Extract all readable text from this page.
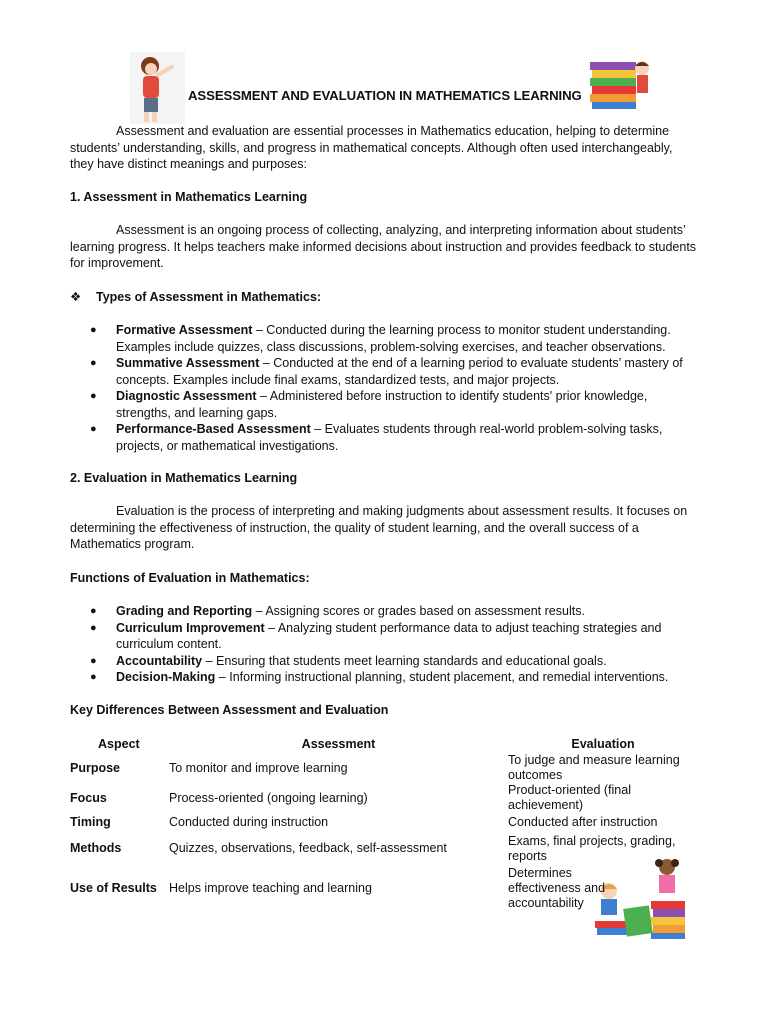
ASSESSMENT AND EVALUATION IN MATHEMATICS LEARNING

Assessment and evaluation are essential processes in Mathematics education, helping to determine students’ understanding, skills, and progress in mathematical concepts. Although often used interchangeably, they have distinct meanings and purposes:

1. Assessment in Mathematics Learning

Assessment is an ongoing process of collecting, analyzing, and interpreting information about students’ learning progress. It helps teachers make informed decisions about instruction and provides feedback to students for improvement.

❖	Types of Assessment in Mathematics:
● Formative Assessment – Conducted during the learning process to monitor student understanding. Examples include quizzes, class discussions, problem-solving exercises, and teacher observations.
● Summative Assessment – Conducted at the end of a learning period to evaluate students’ mastery of concepts. Examples include final exams, standardized tests, and major projects.
● Diagnostic Assessment – Administered before instruction to identify students' prior knowledge, strengths, and learning gaps.
● Performance-Based Assessment – Evaluates students through real-world problem-solving tasks, projects, or mathematical investigations.
2. Evaluation in Mathematics Learning

Evaluation is the process of interpreting and making judgments about assessment results. It focuses on determining the effectiveness of instruction, the quality of student learning, and the overall success of a Mathematics program.

Functions of Evaluation in Mathematics:
● Grading and Reporting – Assigning scores or grades based on assessment results.
● Curriculum Improvement – Analyzing student performance data to adjust teaching strategies and curriculum content.
● Accountability – Ensuring that students meet learning standards and educational goals.
● Decision-Making – Informing instructional planning, student placement, and remedial interventions.
Key Differences Between Assessment and Evaluation
Aspect	Assessment	Evaluation
Purpose	To monitor and improve learning	To judge and measure learning outcomes
Focus	Process-oriented (ongoing learning)	Product-oriented (final achievement)
Timing	Conducted during instruction	Conducted after instruction
Methods	Quizzes, observations, feedback, self-assessment	Exams, final projects, grading, reports
Use of Results	Helps improve teaching and learning	Determines effectiveness and accountability
